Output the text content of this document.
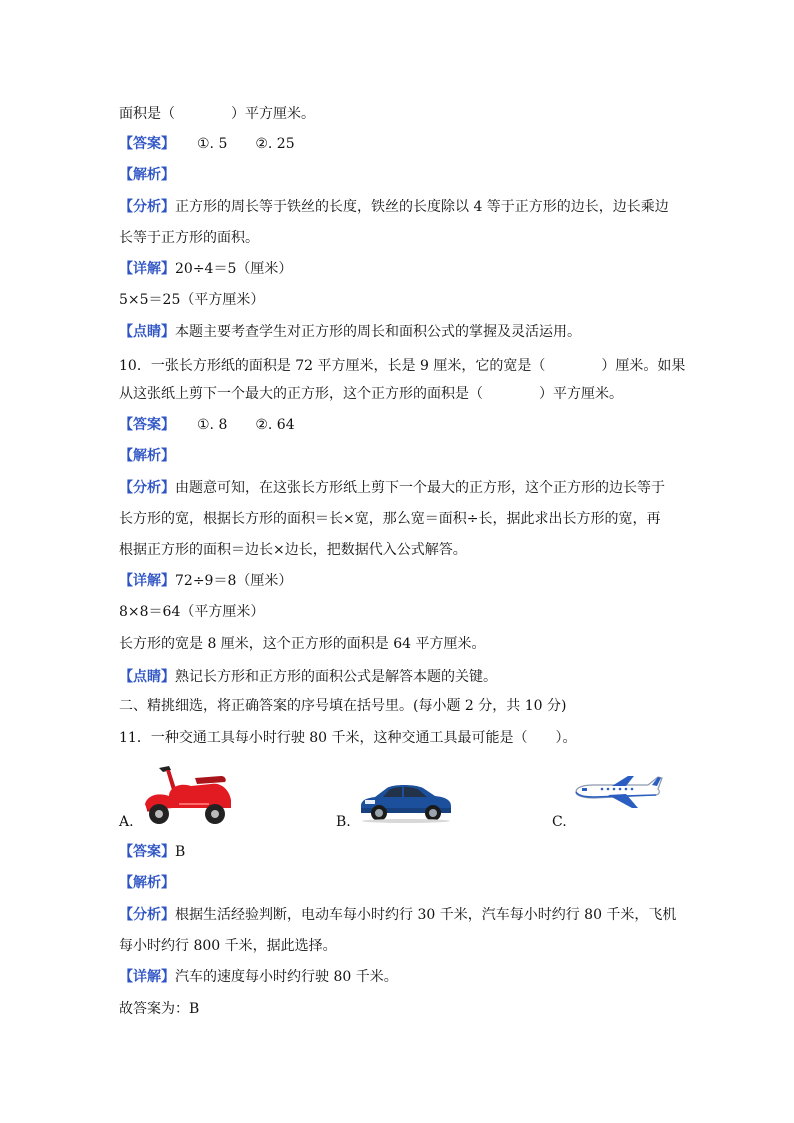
面积是（　　　　）平方厘米。
【答案】 ①. 5　　②. 25
【解析】
【分析】正方形的周长等于铁丝的长度，铁丝的长度除以 4 等于正方形的边长，边长乘边
长等于正方形的面积。
【详解】20÷4＝5（厘米）
5×5＝25（平方厘米）
【点睛】本题主要考查学生对正方形的周长和面积公式的掌握及灵活运用。
10．一张长方形纸的面积是 72 平方厘米，长是 9 厘米，它的宽是（　　　　）厘米。如果
从这张纸上剪下一个最大的正方形，这个正方形的面积是（　　　　）平方厘米。
【答案】 ①. 8　　②. 64
【解析】
【分析】由题意可知，在这张长方形纸上剪下一个最大的正方形，这个正方形的边长等于
长方形的宽，根据长方形的面积＝长×宽，那么宽＝面积÷长，据此求出长方形的宽，再
根据正方形的面积＝边长×边长，把数据代入公式解答。
【详解】72÷9＝8（厘米）
8×8＝64（平方厘米）
长方形的宽是 8 厘米，这个正方形的面积是 64 平方厘米。
【点睛】熟记长方形和正方形的面积公式是解答本题的关键。
二、精挑细选，将正确答案的序号填在括号里。(每小题 2 分，共 10 分)
11．一种交通工具每小时行驶 80 千米，这种交通工具最可能是（　　）。
A.	B.	C.
【答案】B
【解析】
【分析】根据生活经验判断，电动车每小时约行 30 千米，汽车每小时约行 80 千米，飞机
每小时约行 800 千米，据此选择。
【详解】汽车的速度每小时约行驶 80 千米。
故答案为：B
